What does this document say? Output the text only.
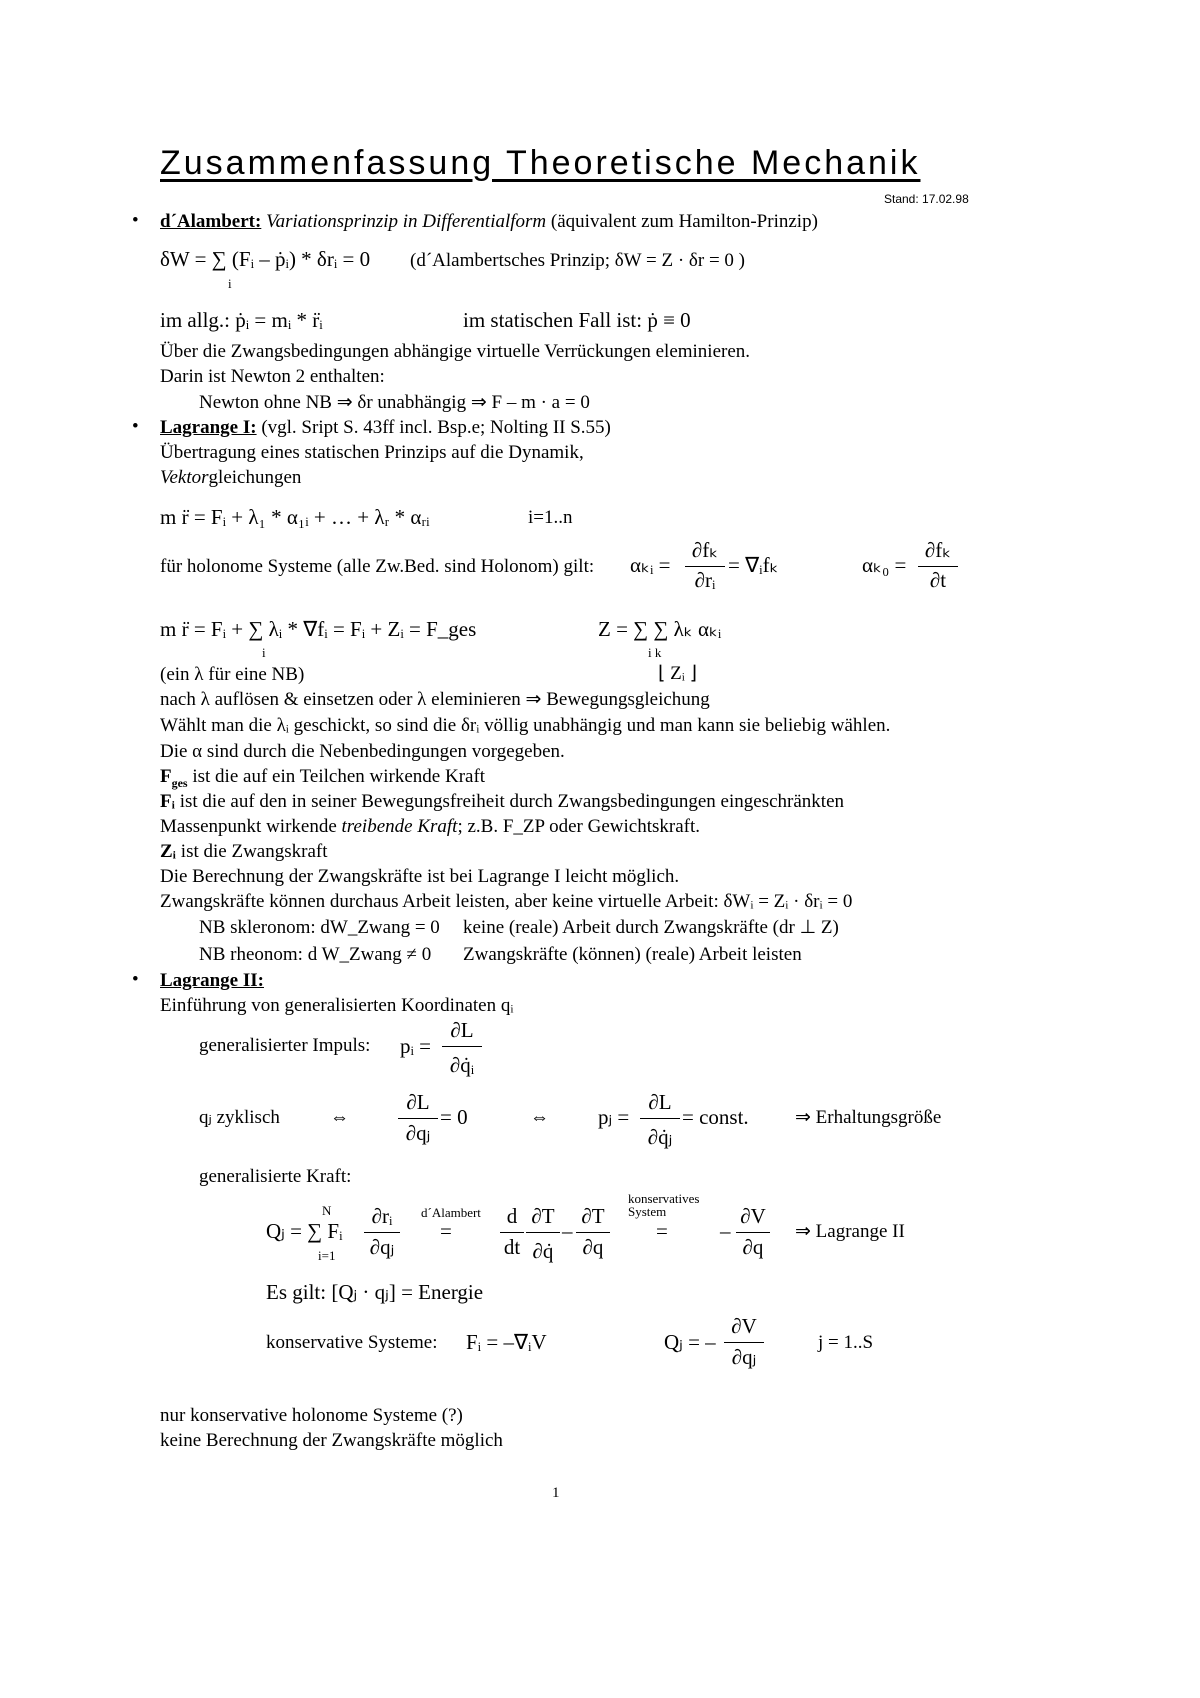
Zusammenfassung Theoretische Mechanik
Stand: 17.02.98
• d´Alambert: Variationsprinzip in Differentialform (äquivalent zum Hamilton-Prinzip)
δW = ∑ (Fᵢ – ṗᵢ) * δrᵢ = 0
i
(d´Alambertsches Prinzip; δW = Z · δr = 0 )
im allg.: ṗᵢ = mᵢ * r̈ᵢ	im statischen Fall ist: ṗ ≡ 0
Über die Zwangsbedingungen abhängige virtuelle Verrückungen eleminieren.
Darin ist Newton 2 enthalten:
Newton ohne NB ⇒ δr unabhängig ⇒ F – m · a = 0
• Lagrange I: (vgl. Sript S. 43ff incl. Bsp.e; Nolting II S.55)
Übertragung eines statischen Prinzips auf die Dynamik,
Vektorgleichungen
m r̈ = Fᵢ + λ₁ * α₁ᵢ + … + λᵣ * αᵣᵢ	i=1..n
für holonome Systeme (alle Zw.Bed. sind Holonom) gilt: αₖᵢ =
∂fₖ
∂rᵢ
= ∇ᵢfₖ	αₖ₀ =
∂fₖ
∂t
m r̈ = Fᵢ + ∑ λᵢ * ∇fᵢ = Fᵢ + Zᵢ = F_ges
i
Z = ∑ ∑ λₖ αₖᵢ
i k
⌊ Zᵢ ⌋
(ein λ für eine NB)
nach λ auflösen & einsetzen oder λ eleminieren ⇒ Bewegungsgleichung
Wählt man die λᵢ geschickt, so sind die δrᵢ völlig unabhängig und man kann sie beliebig wählen.
Die α sind durch die Nebenbedingungen vorgegeben.
$F_{ges}$ ist die auf ein Teilchen wirkende Kraft
Fᵢ ist die auf den in seiner Bewegungsfreiheit durch Zwangsbedingungen eingeschränkten
Massenpunkt wirkende treibende Kraft; z.B. F_ZP oder Gewichtskraft.
Zᵢ ist die Zwangskraft
Die Berechnung der Zwangskräfte ist bei Lagrange I leicht möglich.
Zwangskräfte können durchaus Arbeit leisten, aber keine virtuelle Arbeit: δWᵢ = Zᵢ · δrᵢ = 0
NB skleronom: dW_Zwang = 0 keine (reale) Arbeit durch Zwangskräfte (dr ⊥ Z)
NB rheonom: d W_Zwang ≠ 0 Zwangskräfte (können) (reale) Arbeit leisten
• Lagrange II:
Einführung von generalisierten Koordinaten qᵢ
generalisierter Impuls: pᵢ =
∂L
∂q̇ᵢ
qⱼ zyklisch	⇔
∂L
∂qⱼ
= 0	⇔ pⱼ =
∂L
∂q̇ⱼ
= const. ⇒ Erhaltungsgröße
generalisierte Kraft:
Qⱼ = ∑ Fᵢ
N
i=1
∂rᵢ
∂qⱼ
d´Alambert
=
d
dt
∂T
∂q̇
–
∂T
∂q
konservatives
System
= –
∂V
∂q
⇒ Lagrange II
Es gilt: [Qⱼ · qⱼ] = Energie
konservative Systeme: Fᵢ = –∇ᵢV	Qⱼ = –
∂V
∂qⱼ
j = 1..S
nur konservative holonome Systeme (?)
keine Berechnung der Zwangskräfte möglich
1
